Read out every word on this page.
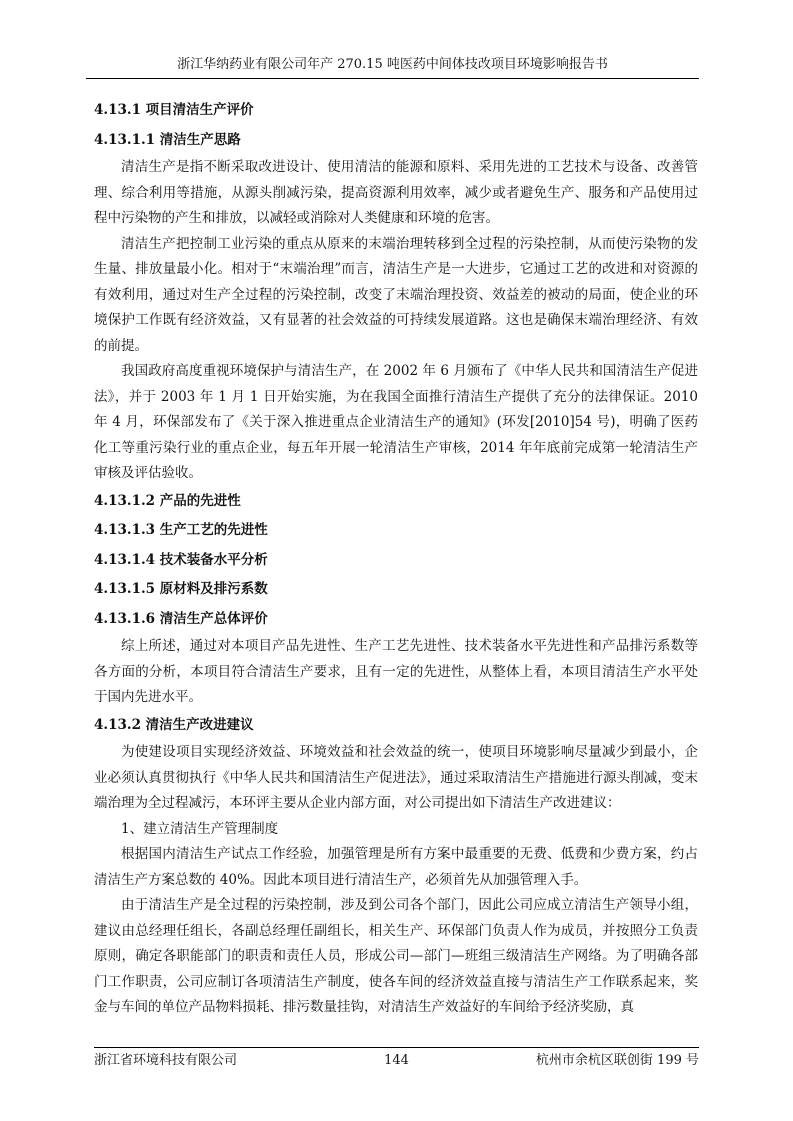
浙江华纳药业有限公司年产 270.15 吨医药中间体技改项目环境影响报告书
4.13.1 项目清洁生产评价
4.13.1.1 清洁生产思路

清洁生产是指不断采取改进设计、使用清洁的能源和原料、采用先进的工艺技术与设备、改善管理、综合利用等措施，从源头削减污染，提高资源利用效率，减少或者避免生产、服务和产品使用过程中污染物的产生和排放，以减轻或消除对人类健康和环境的危害。

清洁生产把控制工业污染的重点从原来的末端治理转移到全过程的污染控制，从而使污染物的发生量、排放量最小化。相对于“末端治理”而言，清洁生产是一大进步，它通过工艺的改进和对资源的有效利用，通过对生产全过程的污染控制，改变了末端治理投资、效益差的被动的局面，使企业的环境保护工作既有经济效益，又有显著的社会效益的可持续发展道路。这也是确保末端治理经济、有效的前提。

我国政府高度重视环境保护与清洁生产，在 2002 年 6 月颁布了《中华人民共和国清洁生产促进法》，并于 2003 年 1 月 1 日开始实施，为在我国全面推行清洁生产提供了充分的法律保证。2010 年 4 月，环保部发布了《关于深入推进重点企业清洁生产的通知》(环发[2010]54 号)，明确了医药化工等重污染行业的重点企业，每五年开展一轮清洁生产审核，2014 年年底前完成第一轮清洁生产审核及评估验收。

4.13.1.2 产品的先进性
4.13.1.3 生产工艺的先进性
4.13.1.4 技术装备水平分析
4.13.1.5 原材料及排污系数
4.13.1.6 清洁生产总体评价

综上所述，通过对本项目产品先进性、生产工艺先进性、技术装备水平先进性和产品排污系数等各方面的分析，本项目符合清洁生产要求，且有一定的先进性，从整体上看，本项目清洁生产水平处于国内先进水平。

4.13.2 清洁生产改进建议

为使建设项目实现经济效益、环境效益和社会效益的统一，使项目环境影响尽量减少到最小，企业必须认真贯彻执行《中华人民共和国清洁生产促进法》，通过采取清洁生产措施进行源头削减，变末端治理为全过程减污，本环评主要从企业内部方面，对公司提出如下清洁生产改进建议：

1、建立清洁生产管理制度

根据国内清洁生产试点工作经验，加强管理是所有方案中最重要的无费、低费和少费方案，约占清洁生产方案总数的 40%。因此本项目进行清洁生产，必须首先从加强管理入手。

由于清洁生产是全过程的污染控制，涉及到公司各个部门，因此公司应成立清洁生产领导小组，建议由总经理任组长，各副总经理任副组长，相关生产、环保部门负责人作为成员，并按照分工负责原则，确定各职能部门的职责和责任人员，形成公司—部门—班组三级清洁生产网络。为了明确各部门工作职责，公司应制订各项清洁生产制度，使各车间的经济效益直接与清洁生产工作联系起来，奖金与车间的单位产品物料损耗、排污数量挂钩，对清洁生产效益好的车间给予经济奖励，真

浙江省环境科技有限公司	144	杭州市余杭区联创街 199 号
